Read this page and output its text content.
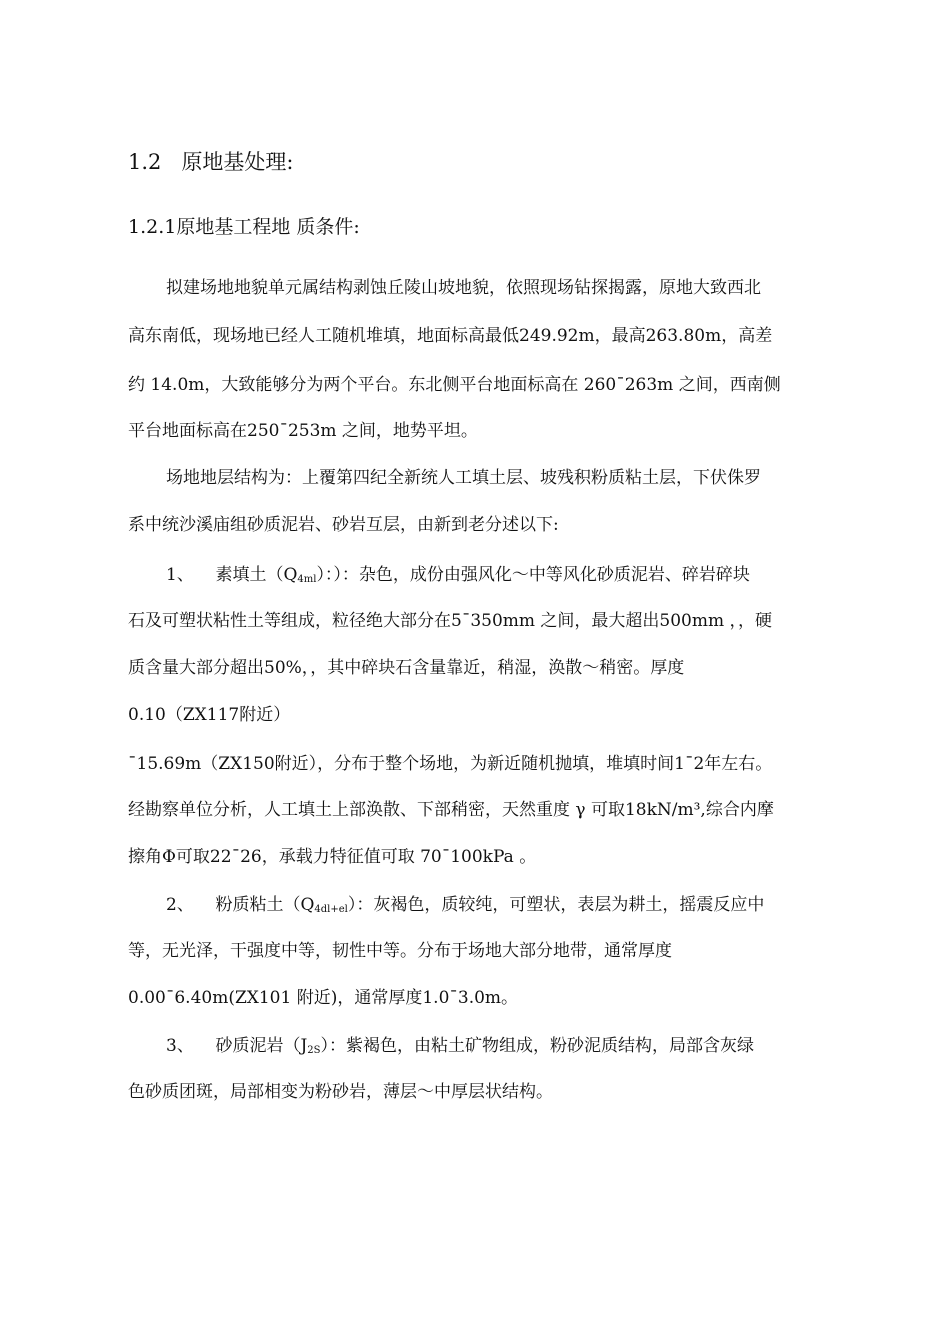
1.2 原地基处理:
1.2.1原地基工程地 质条件:
拟建场地地貌单元属结构剥蚀丘陵山坡地貌，依照现场钻探揭露，原地大致西北
高东南低，现场地已经人工随机堆填，地面标高最低249.92m，最高263.80m，高差
约 14.0m，大致能够分为两个平台。东北侧平台地面标高在 260¯263m 之间，西南侧
平台地面标高在250¯253m 之间，地势平坦。
场地地层结构为：上覆第四纪全新统人工填土层、坡残积粉质粘土层，下伏侏罗
系中统沙溪庙组砂质泥岩、砂岩互层，由新到老分述以下:
1、 素填土$(Q_{4ml})$：）：杂色，成份由强风化～中等风化砂质泥岩、碎岩碎块
石及可塑状粘性土等组成，粒径绝大部分在5¯350mm 之间，最大超出500mm ，，硬
质含量大部分超出50%，，其中碎块石含量靠近，稍湿，涣散～稍密。厚度
0.10（ZX117附近）
¯15.69m（ZX150附近），分布于整个场地，为新近随机抛填，堆填时间1¯2年左右。
经勘察单位分析，人工填土上部涣散、下部稍密，天然重度 γ 可取18kN/m³,综合内摩
擦角Φ可取22¯26，承载力特征值可取 70¯100kPa 。
2、 粉质粘土$(Q_{4dl+el})$：灰褐色，质较纯，可塑状，表层为耕土，摇震反应中
等，无光泽，干强度中等，韧性中等。分布于场地大部分地带，通常厚度
0.00¯6.40m(ZX101 附近)，通常厚度1.0¯3.0m。
3、 砂质泥岩$(J_{2S})$：紫褐色，由粘土矿物组成，粉砂泥质结构，局部含灰绿
色砂质团斑，局部相变为粉砂岩，薄层～中厚层状结构。
